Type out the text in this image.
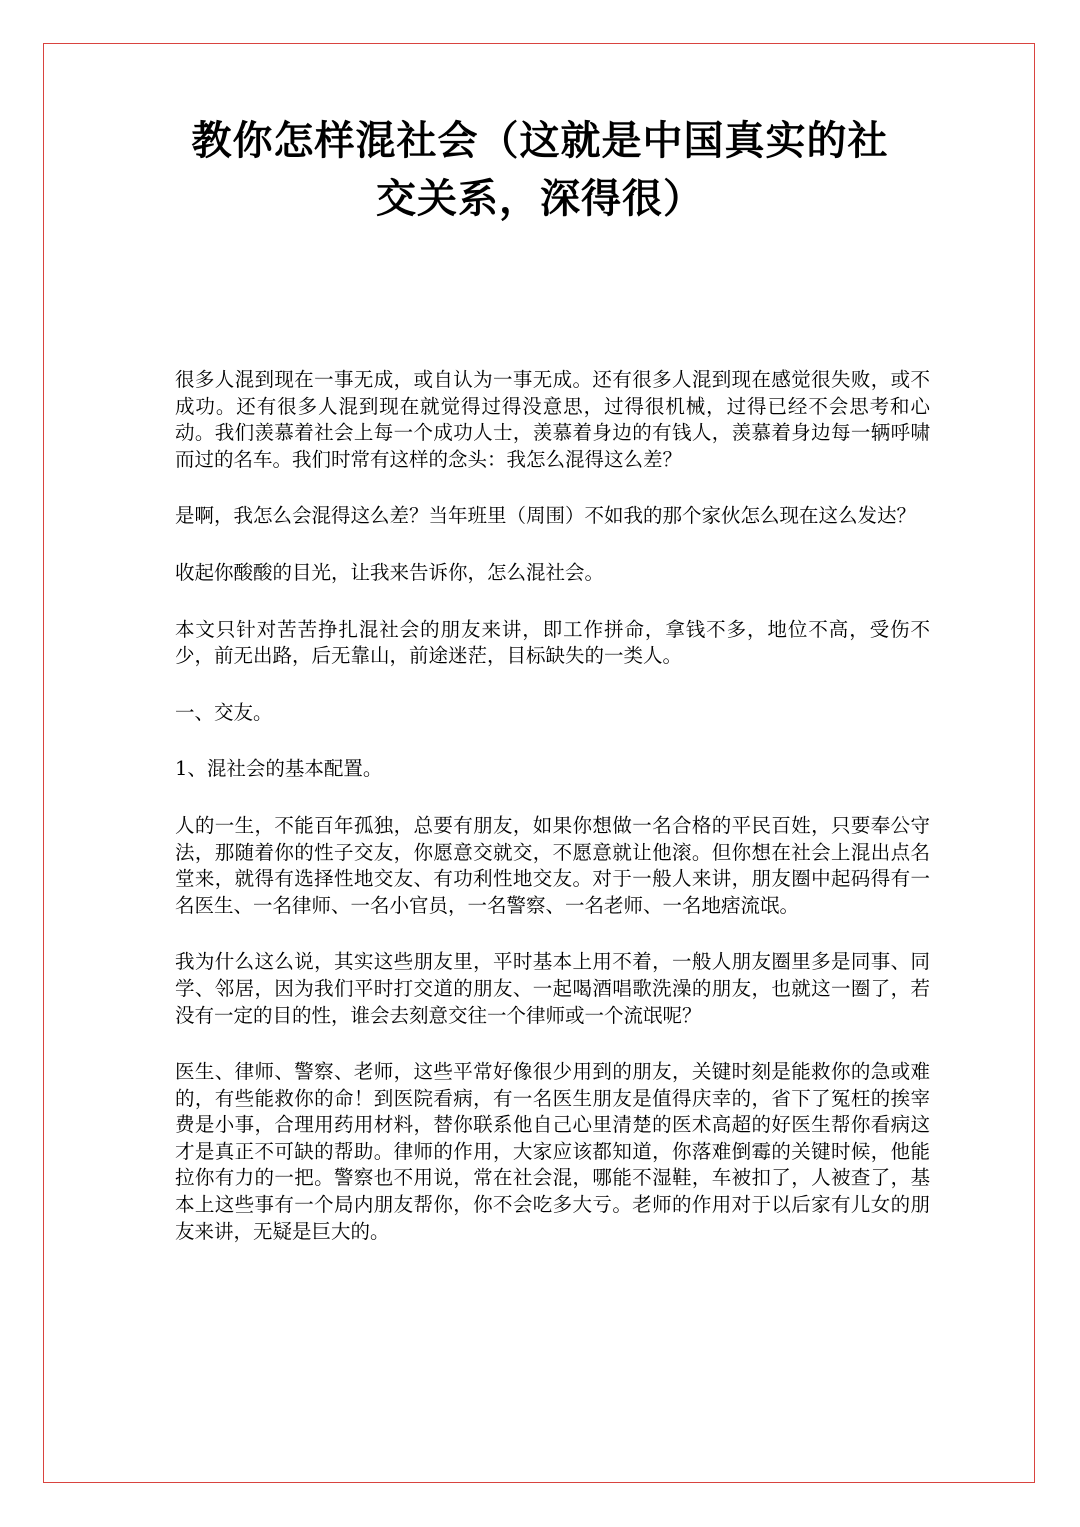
教你怎样混社会（这就是中国真实的社
交关系，深得很）

很多人混到现在一事无成，或自认为一事无成。还有很多人混到现在感觉很失败，或不成功。还有很多人混到现在就觉得过得没意思，过得很机械，过得已经不会思考和心动。我们羡慕着社会上每一个成功人士，羡慕着身边的有钱人，羡慕着身边每一辆呼啸而过的名车。我们时常有这样的念头：我怎么混得这么差？

是啊，我怎么会混得这么差？当年班里（周围）不如我的那个家伙怎么现在这么发达？

收起你酸酸的目光，让我来告诉你，怎么混社会。

本文只针对苦苦挣扎混社会的朋友来讲，即工作拼命，拿钱不多，地位不高，受伤不少，前无出路，后无靠山，前途迷茫，目标缺失的一类人。

一、交友。

1、混社会的基本配置。

人的一生，不能百年孤独，总要有朋友，如果你想做一名合格的平民百姓，只要奉公守法，那随着你的性子交友，你愿意交就交，不愿意就让他滚。但你想在社会上混出点名堂来，就得有选择性地交友、有功利性地交友。对于一般人来讲，朋友圈中起码得有一名医生、一名律师、一名小官员，一名警察、一名老师、一名地痞流氓。

我为什么这么说，其实这些朋友里，平时基本上用不着，一般人朋友圈里多是同事、同学、邻居，因为我们平时打交道的朋友、一起喝酒唱歌洗澡的朋友，也就这一圈了，若没有一定的目的性，谁会去刻意交往一个律师或一个流氓呢？

医生、律师、警察、老师，这些平常好像很少用到的朋友，关键时刻是能救你的急或难的，有些能救你的命！到医院看病，有一名医生朋友是值得庆幸的，省下了冤枉的挨宰费是小事，合理用药用材料，替你联系他自己心里清楚的医术高超的好医生帮你看病这才是真正不可缺的帮助。律师的作用，大家应该都知道，你落难倒霉的关键时候，他能拉你有力的一把。警察也不用说，常在社会混，哪能不湿鞋，车被扣了，人被查了，基本上这些事有一个局内朋友帮你，你不会吃多大亏。老师的作用对于以后家有儿女的朋友来讲，无疑是巨大的。
